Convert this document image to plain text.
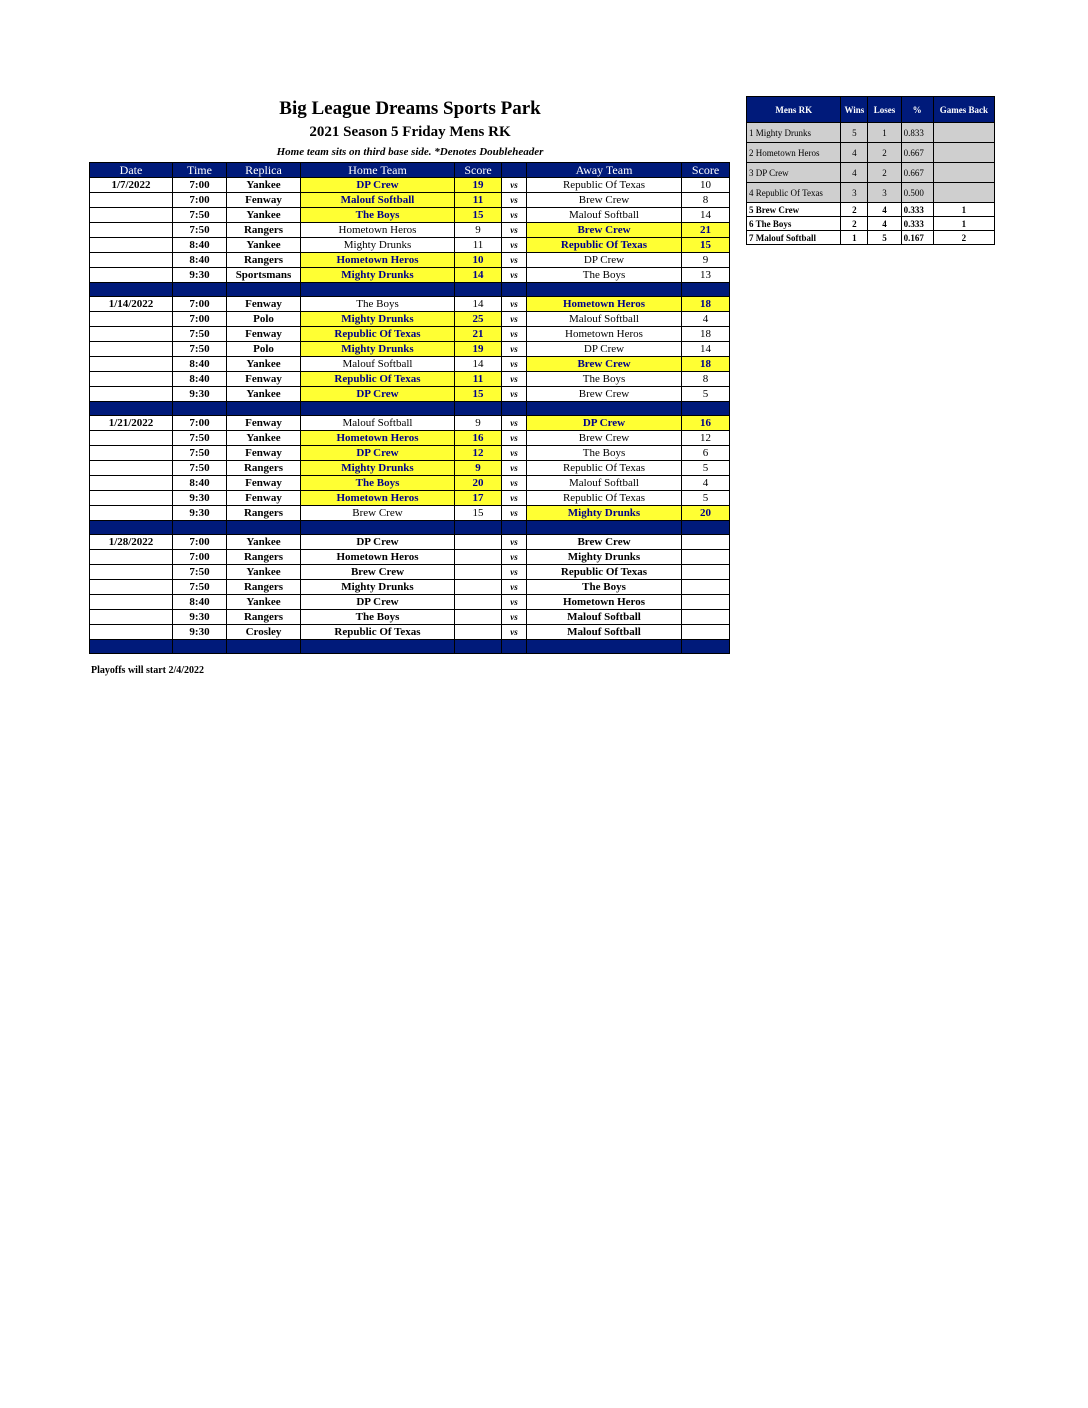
Big League Dreams Sports Park
2021 Season 5 Friday Mens RK
Home team sits on third base side. *Denotes Doubleheader
Date	Time	Replica	Home Team	Score		Away Team	Score
1/7/2022	7:00	Yankee	DP Crew	19	vs	Republic Of Texas	10
	7:00	Fenway	Malouf Softball	11	vs	Brew Crew	8
	7:50	Yankee	The Boys	15	vs	Malouf Softball	14
	7:50	Rangers	Hometown Heros	9	vs	Brew Crew	21
	8:40	Yankee	Mighty Drunks	11	vs	Republic Of Texas	15
	8:40	Rangers	Hometown Heros	10	vs	DP Crew	9
	9:30	Sportsmans	Mighty Drunks	14	vs	The Boys	13

1/14/2022	7:00	Fenway	The Boys	14	vs	Hometown Heros	18
	7:00	Polo	Mighty Drunks	25	vs	Malouf Softball	4
	7:50	Fenway	Republic Of Texas	21	vs	Hometown Heros	18
	7:50	Polo	Mighty Drunks	19	vs	DP Crew	14
	8:40	Yankee	Malouf Softball	14	vs	Brew Crew	18
	8:40	Fenway	Republic Of Texas	11	vs	The Boys	8
	9:30	Yankee	DP Crew	15	vs	Brew Crew	5

1/21/2022	7:00	Fenway	Malouf Softball	9	vs	DP Crew	16
	7:50	Yankee	Hometown Heros	16	vs	Brew Crew	12
	7:50	Fenway	DP Crew	12	vs	The Boys	6
	7:50	Rangers	Mighty Drunks	9	vs	Republic Of Texas	5
	8:40	Fenway	The Boys	20	vs	Malouf Softball	4
	9:30	Fenway	Hometown Heros	17	vs	Republic Of Texas	5
	9:30	Rangers	Brew Crew	15	vs	Mighty Drunks	20

1/28/2022	7:00	Yankee	DP Crew		vs	Brew Crew	
	7:00	Rangers	Hometown Heros		vs	Mighty Drunks	
	7:50	Yankee	Brew Crew		vs	Republic Of Texas	
	7:50	Rangers	Mighty Drunks		vs	The Boys	
	8:40	Yankee	DP Crew		vs	Hometown Heros	
	9:30	Rangers	The Boys		vs	Malouf Softball	
	9:30	Crosley	Republic Of Texas		vs	Malouf Softball	

Mens RK	Wins	Loses	%	Games Back
1 Mighty Drunks	5	1	0.833	
2 Hometown Heros	4	2	0.667	
3 DP Crew	4	2	0.667	
4 Republic Of Texas	3	3	0.500	
5 Brew Crew	2	4	0.333	1
6 The Boys	2	4	0.333	1
7 Malouf Softball	1	5	0.167	2
Playoffs will start 2/4/2022
